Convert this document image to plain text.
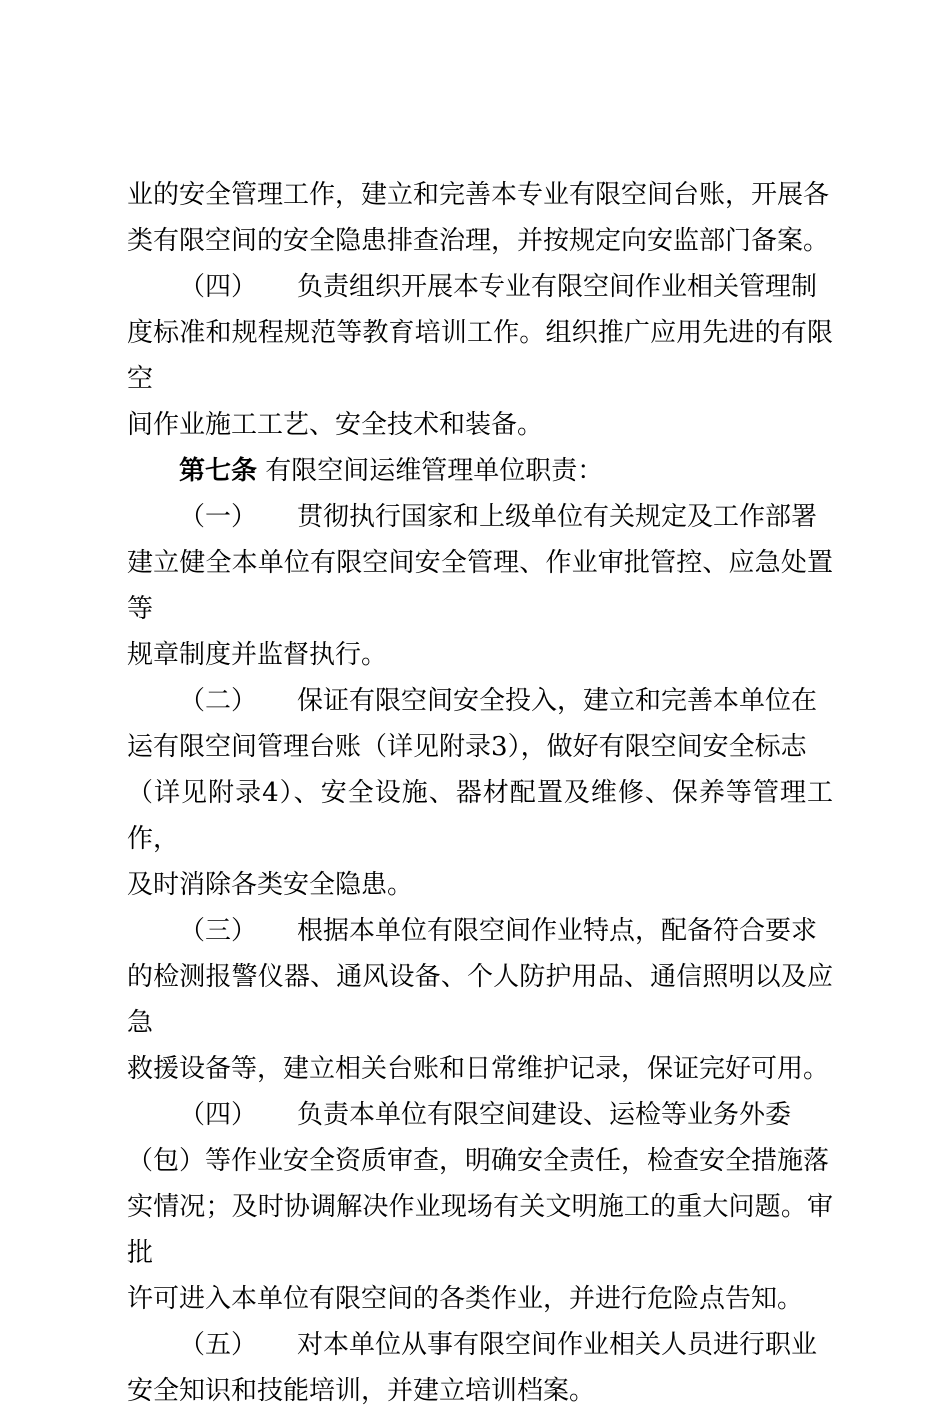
业的安全管理工作，建立和完善本专业有限空间台账，开展各
类有限空间的安全隐患排查治理，并按规定向安监部门备案。

（四） 负责组织开展本专业有限空间作业相关管理制
度标准和规程规范等教育培训工作。组织推广应用先进的有限空
间作业施工工艺、安全技术和装备。

第七条 有限空间运维管理单位职责：

（一） 贯彻执行国家和上级单位有关规定及工作部署
建立健全本单位有限空间安全管理、作业审批管控、应急处置等
规章制度并监督执行。

（二） 保证有限空间安全投入，建立和完善本单位在
运有限空间管理台账（详见附录3），做好有限空间安全标志
（详见附录4）、安全设施、器材配置及维修、保养等管理工作，
及时消除各类安全隐患。

（三） 根据本单位有限空间作业特点，配备符合要求
的检测报警仪器、通风设备、个人防护用品、通信照明以及应急
救援设备等，建立相关台账和日常维护记录，保证完好可用。

（四） 负责本单位有限空间建设、运检等业务外委
（包）等作业安全资质审查，明确安全责任，检查安全措施落
实情况；及时协调解决作业现场有关文明施工的重大问题。审批
许可进入本单位有限空间的各类作业，并进行危险点告知。

（五） 对本单位从事有限空间作业相关人员进行职业
安全知识和技能培训，并建立培训档案。
